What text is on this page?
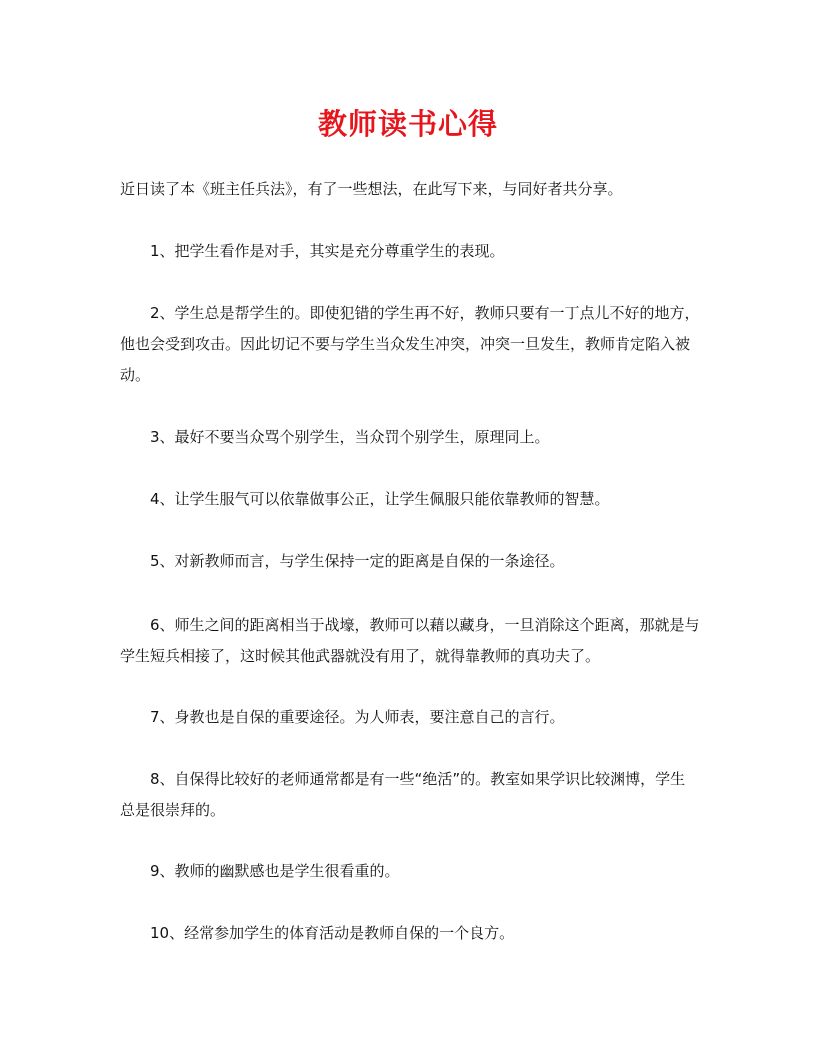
教师读书心得

近日读了本《班主任兵法》，有了一些想法，在此写下来，与同好者共分享。

1、把学生看作是对手，其实是充分尊重学生的表现。

2、学生总是帮学生的。即使犯错的学生再不好，教师只要有一丁点儿不好的地方，他也会受到攻击。因此切记不要与学生当众发生冲突，冲突一旦发生，教师肯定陷入被动。

3、最好不要当众骂个别学生，当众罚个别学生，原理同上。

4、让学生服气可以依靠做事公正，让学生佩服只能依靠教师的智慧。

5、对新教师而言，与学生保持一定的距离是自保的一条途径。

6、师生之间的距离相当于战壕，教师可以藉以藏身，一旦消除这个距离，那就是与学生短兵相接了，这时候其他武器就没有用了，就得靠教师的真功夫了。

7、身教也是自保的重要途径。为人师表，要注意自己的言行。

8、自保得比较好的老师通常都是有一些“绝活”的。教室如果学识比较渊博，学生总是很崇拜的。

9、教师的幽默感也是学生很看重的。

10、经常参加学生的体育活动是教师自保的一个良方。
